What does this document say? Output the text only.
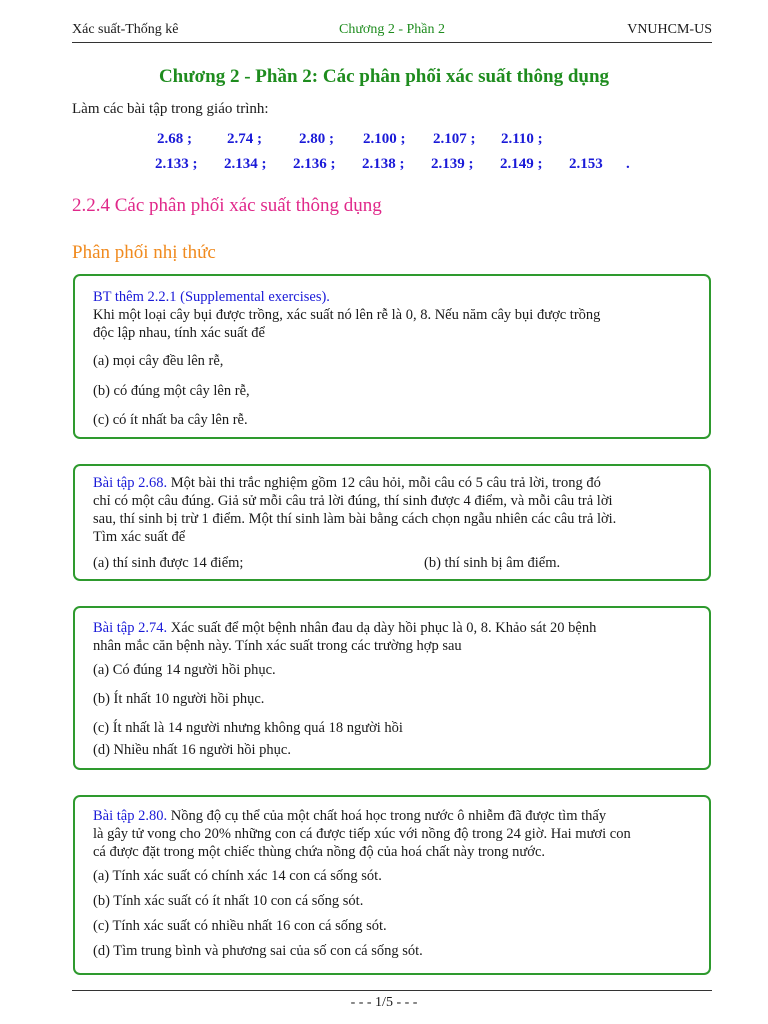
Xác suất-Thống kê	Chương 2 - Phần 2	VNUHCM-US
Chương 2 - Phần 2: Các phân phối xác suất thông dụng
Làm các bài tập trong giáo trình:
2.68 ; 2.74 ; 2.80 ; 2.100 ; 2.107 ; 2.110 ;
2.133 ; 2.134 ; 2.136 ; 2.138 ; 2.139 ; 2.149 ; 2.153 .
2.2.4 Các phân phối xác suất thông dụng
Phân phối nhị thức
BT thêm 2.2.1 (Supplemental exercises).
Khi một loại cây bụi được trồng, xác suất nó lên rễ là 0, 8. Nếu năm cây bụi được trồng
độc lập nhau, tính xác suất để
(a) mọi cây đều lên rễ,
(b) có đúng một cây lên rễ,
(c) có ít nhất ba cây lên rễ.
Bài tập 2.68. Một bài thi trắc nghiệm gồm 12 câu hỏi, mỗi câu có 5 câu trả lời, trong đó
chỉ có một câu đúng. Giả sử mỗi câu trả lời đúng, thí sinh được 4 điểm, và mỗi câu trả lời
sau, thí sinh bị trừ 1 điểm. Một thí sinh làm bài bằng cách chọn ngẫu nhiên các câu trả lời.
Tìm xác suất để
(a) thí sinh được 14 điểm;	(b) thí sinh bị âm điểm.
Bài tập 2.74. Xác suất để một bệnh nhân đau dạ dày hồi phục là 0, 8. Khảo sát 20 bệnh
nhân mắc căn bệnh này. Tính xác suất trong các trường hợp sau
(a) Có đúng 14 người hồi phục.
(b) Ít nhất 10 người hồi phục.
(c) Ít nhất là 14 người nhưng không quá 18 người hồi
(d) Nhiều nhất 16 người hồi phục.
Bài tập 2.80. Nồng độ cụ thể của một chất hoá học trong nước ô nhiễm đã được tìm thấy
là gây tử vong cho 20% những con cá được tiếp xúc với nồng độ trong 24 giờ. Hai mươi con
cá được đặt trong một chiếc thùng chứa nồng độ của hoá chất này trong nước.
(a) Tính xác suất có chính xác 14 con cá sống sót.
(b) Tính xác suất có ít nhất 10 con cá sống sót.
(c) Tính xác suất có nhiều nhất 16 con cá sống sót.
(d) Tìm trung bình và phương sai của số con cá sống sót.
- - - 1/5 - - -
